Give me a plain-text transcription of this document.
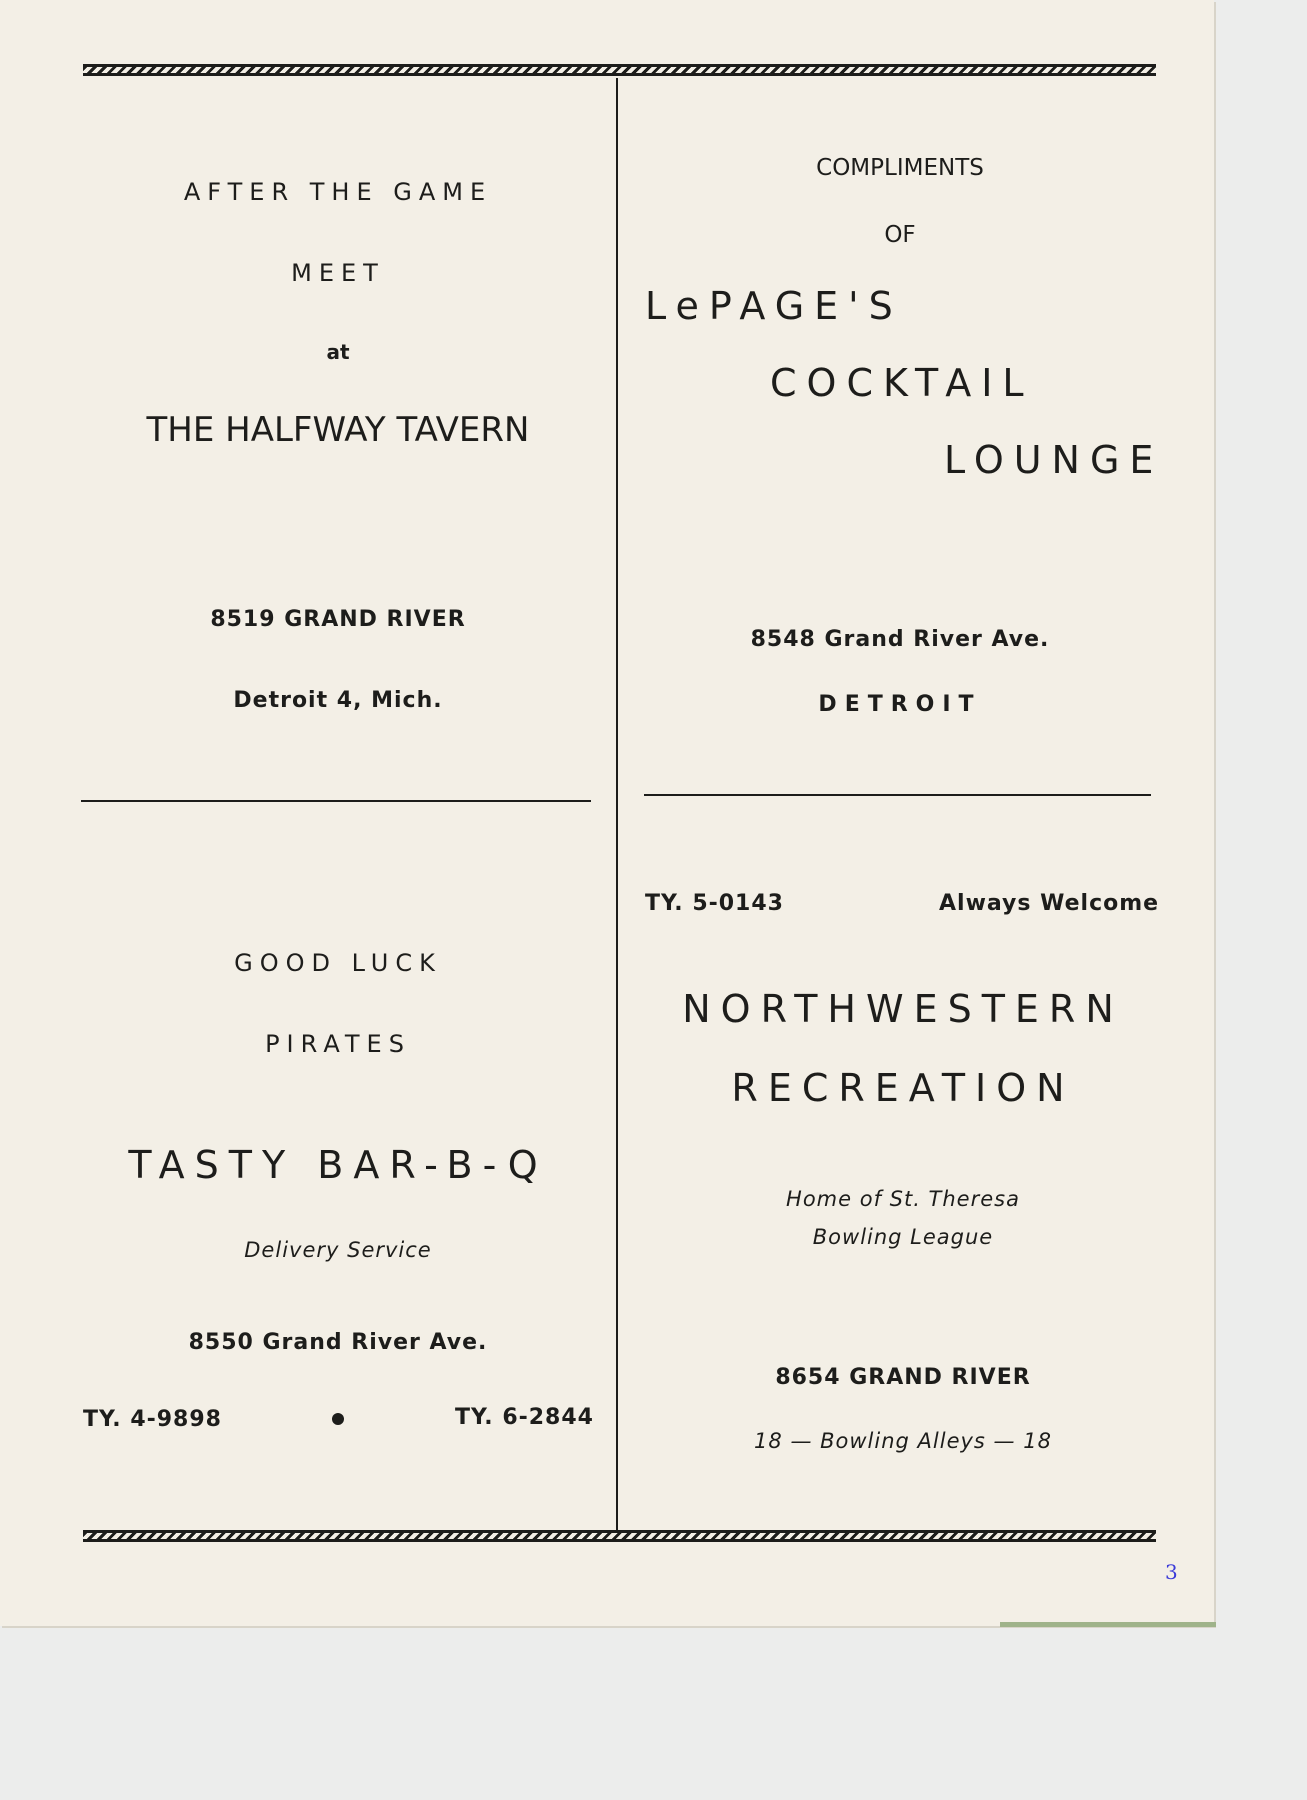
AFTER THE GAME
MEET
at
THE HALFWAY TAVERN
8519 GRAND RIVER
Detroit 4, Mich.
COMPLIMENTS
OF
LePAGE'S
COCKTAIL
LOUNGE
8548 Grand River Ave.
DETROIT
GOOD LUCK
PIRATES
TASTY BAR-B-Q
Delivery Service
8550 Grand River Ave.
TY. 4-9898	TY. 6-2844
TY. 5-0143	Always Welcome
NORTHWESTERN
RECREATION
Home of St. Theresa
Bowling League
8654 GRAND RIVER
18 — Bowling Alleys — 18
3
